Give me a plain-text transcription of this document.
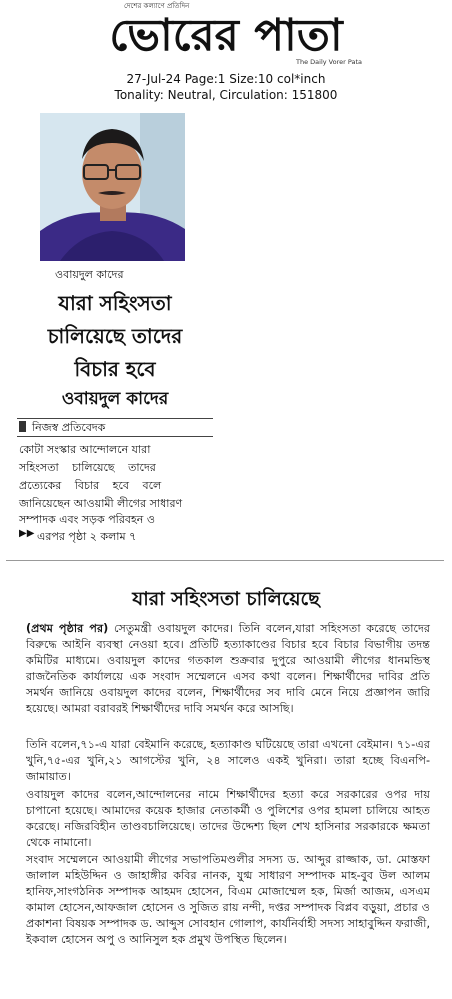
দেশের কল্যাণে প্রতিদিন
ভোরের পাতা
The Daily Vorer Pata
27-Jul-24 Page:1 Size:10 col*inch
Tonality: Neutral, Circulation: 151800
ওবায়দুল কাদের
যারা সহিংসতা
চালিয়েছে তাদের
বিচার হবে
ওবায়দুল কাদের
নিজস্ব প্রতিবেদক
কোটা সংস্কার আন্দোলনে যারা
সহিংসতা চালিয়েছে তাদের
প্রত্যেকের বিচার হবে বলে
জানিয়েছেন আওয়ামী লীগের সাধারণ
সম্পাদক এবং সড়ক পরিবহন ও
▶▶ এরপর পৃষ্ঠা ২ কলাম ৭
যারা সহিংসতা চালিয়েছে
(প্রথম পৃষ্ঠার পর) সেতুমন্ত্রী ওবায়দুল কাদের। তিনি বলেন,যারা সহিংসতা করেছে তাদের বিরুদ্ধে আইনি ব্যবস্থা নেওয়া হবে। প্রতিটি হত্যাকাণ্ডের বিচার হবে বিচার বিভাগীয় তদন্ত কমিটির মাধ্যমে। ওবায়দুল কাদের গতকাল শুক্রবার দুপুরে আওয়ামী লীগের ধানমন্ডিস্থ রাজনৈতিক কার্যালয়ে এক সংবাদ সম্মেলনে এসব কথা বলেন। শিক্ষার্থীদের দাবির প্রতি সমর্থন জানিয়ে ওবায়দুল কাদের বলেন, শিক্ষার্থীদের সব দাবি মেনে নিয়ে প্রজ্ঞাপন জারি হয়েছে। আমরা বরাবরই শিক্ষার্থীদের দাবি সমর্থন করে আসছি।
তিনি বলেন,৭১-এ যারা বেইমানি করেছে, হত্যাকাণ্ড ঘটিয়েছে তারা এখনো বেইমান। ৭১-এর খুনি,৭৫-এর খুনি,২১ আগস্টের খুনি, ২৪ সালেও একই খুনিরা। তারা হচ্ছে বিএনপি-জামায়াত।
ওবায়দুল কাদের বলেন,আন্দোলনের নামে শিক্ষার্থীদের হত্যা করে সরকারের ওপর দায় চাপানো হয়েছে। আমাদের কয়েক হাজার নেতাকর্মী ও পুলিশের ওপর হামলা চালিয়ে আহত করেছে। নজিরবিহীন তাণ্ডবচালিয়েছে। তাদের উদ্দেশ্য ছিল শেখ হাসিনার সরকারকে ক্ষমতা থেকে নামানো।
সংবাদ সম্মেলনে আওয়ামী লীগের সভাপতিমণ্ডলীর সদস্য ড. আব্দুর রাজ্জাক, ডা. মোস্তফা জালাল মহিউদ্দিন ও জাহাঙ্গীর কবির নানক, যুগ্ম সাধারণ সম্পাদক মাহ-বুব উল আলম হানিফ,সাংগঠনিক সম্পাদক আহমদ হোসেন, বিএম মোজাম্মেল হক, মির্জা আজম, এসএম কামাল হোসেন,আফজাল হোসেন ও সুজিত রায় নন্দী, দপ্তর সম্পাদক বিপ্লব বড়ুয়া, প্রচার ও প্রকাশনা বিষয়ক সম্পাদক ড. আব্দুস সোবহান গোলাপ, কার্যনির্বাহী সদস্য সাহাবুদ্দিন ফরাজী, ইকবাল হোসেন অপু ও আনিসুল হক প্রমুখ উপস্থিত ছিলেন।
